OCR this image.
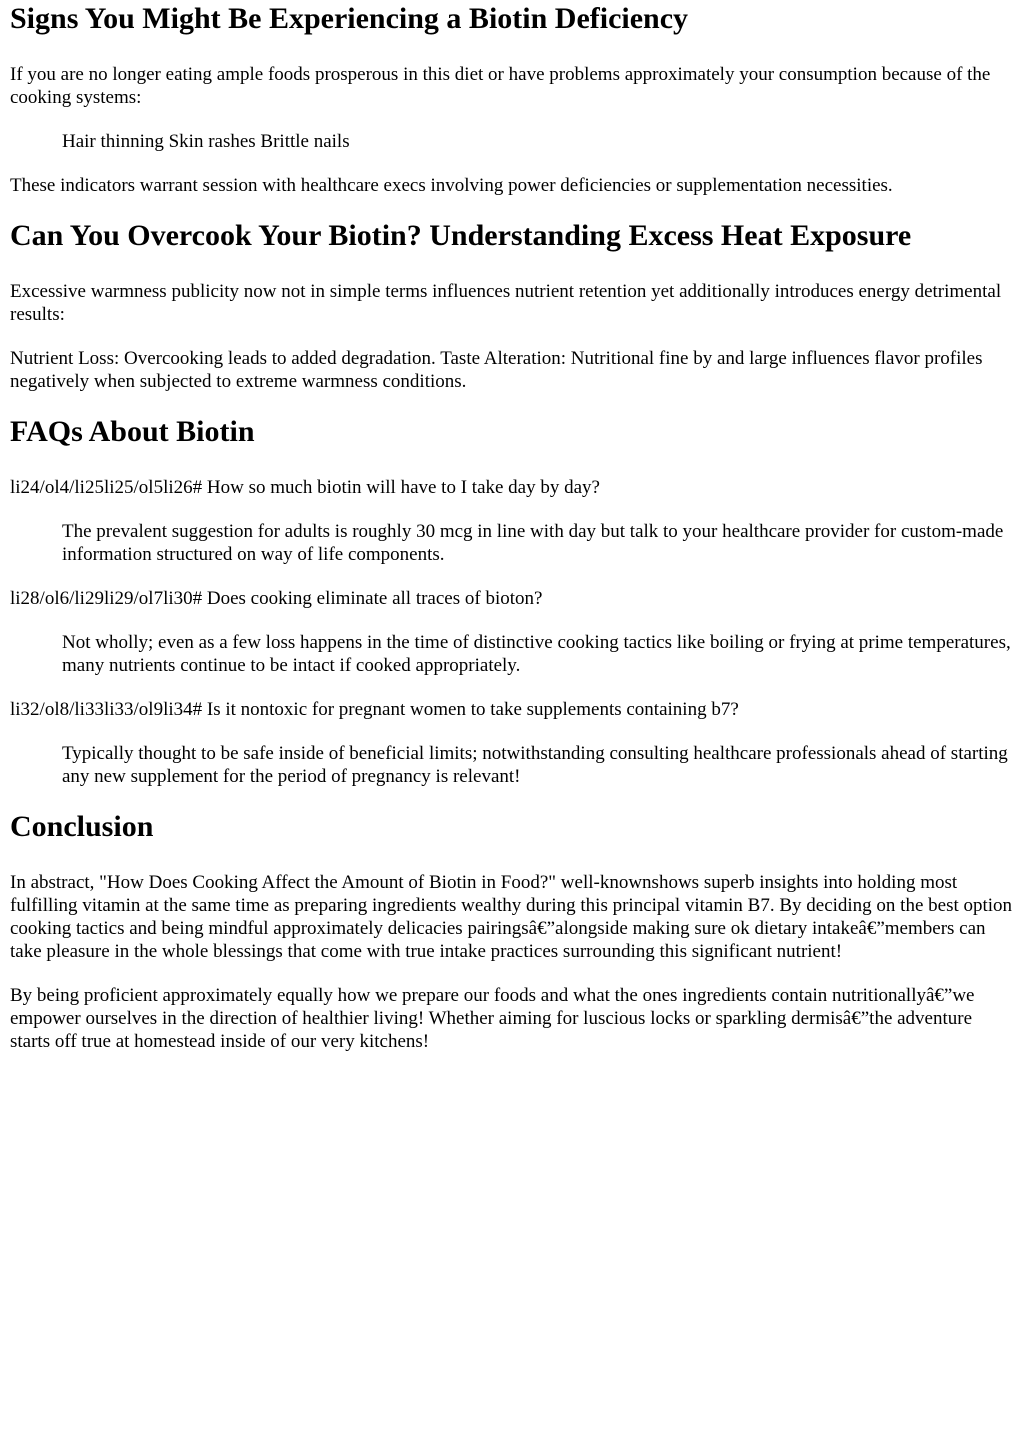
Signs You Might Be Experiencing a Biotin Deficiency

If you are no longer eating ample foods prosperous in this diet or have problems approximately your consumption because of the cooking systems:

Hair thinning Skin rashes Brittle nails

These indicators warrant session with healthcare execs involving power deficiencies or supplementation necessities.

Can You Overcook Your Biotin? Understanding Excess Heat Exposure

Excessive warmness publicity now not in simple terms influences nutrient retention yet additionally introduces energy detrimental results:

Nutrient Loss: Overcooking leads to added degradation. Taste Alteration: Nutritional fine by and large influences flavor profiles negatively when subjected to extreme warmness conditions.

FAQs About Biotin

li24/ol4/li25li25/ol5li26# How so much biotin will have to I take day by day?

The prevalent suggestion for adults is roughly 30 mcg in line with day but talk to your healthcare provider for custom-made information structured on way of life components.

li28/ol6/li29li29/ol7li30# Does cooking eliminate all traces of bioton?

Not wholly; even as a few loss happens in the time of distinctive cooking tactics like boiling or frying at prime temperatures, many nutrients continue to be intact if cooked appropriately.

li32/ol8/li33li33/ol9li34# Is it nontoxic for pregnant women to take supplements containing b7?

Typically thought to be safe inside of beneficial limits; notwithstanding consulting healthcare professionals ahead of starting any new supplement for the period of pregnancy is relevant!
Conclusion

In abstract, "How Does Cooking Affect the Amount of Biotin in Food?" well-knownshows superb insights into holding most fulfilling vitamin at the same time as preparing ingredients wealthy during this principal vitamin B7. By deciding on the best option cooking tactics and being mindful approximately delicacies pairingsâ€”alongside making sure ok dietary intakeâ€”members can take pleasure in the whole blessings that come with true intake practices surrounding this significant nutrient!

By being proficient approximately equally how we prepare our foods and what the ones ingredients contain nutritionallyâ€”we empower ourselves in the direction of healthier living! Whether aiming for luscious locks or sparkling dermisâ€”the adventure starts off true at homestead inside of our very kitchens!
